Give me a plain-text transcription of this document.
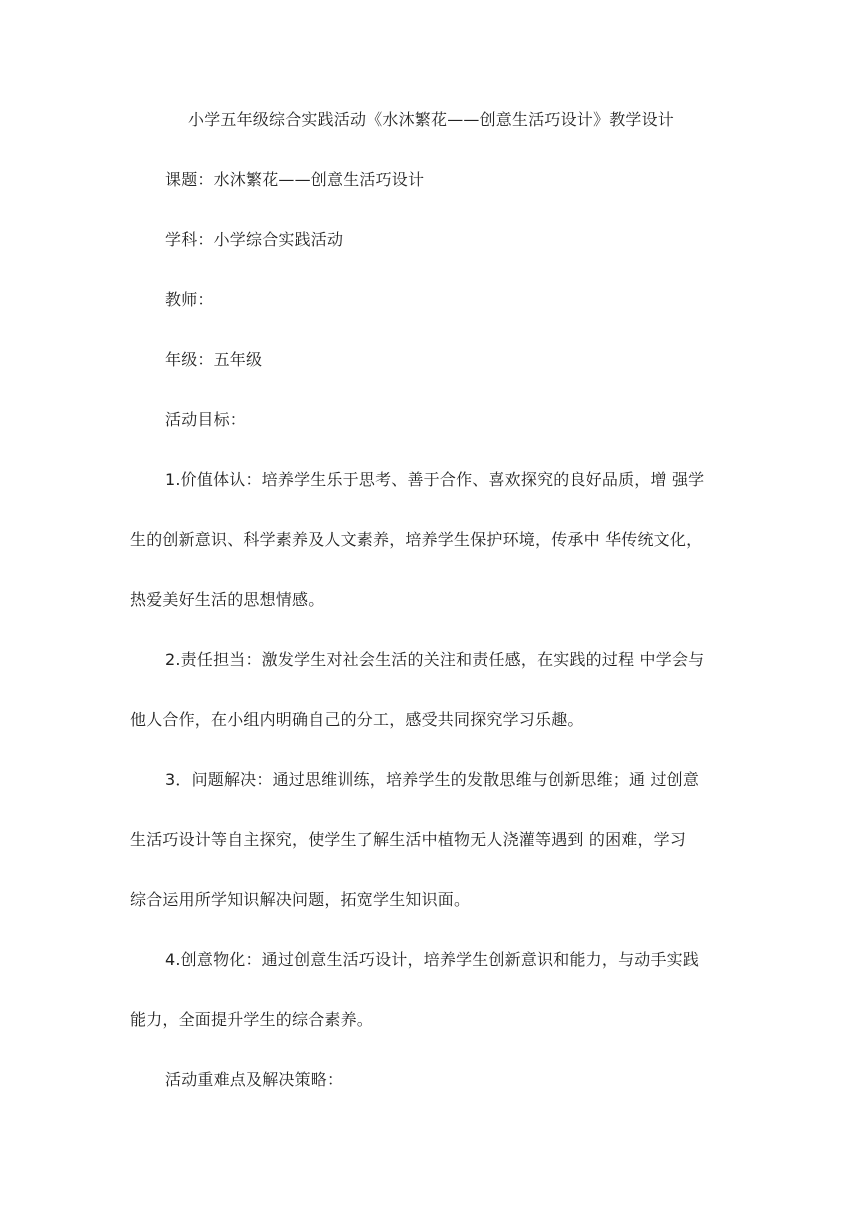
小学五年级综合实践活动《水沐繁花——创意生活巧设计》教学设计
课题：水沐繁花——创意生活巧设计
学科：小学综合实践活动
教师：
年级：五年级
活动目标：
1.价值体认：培养学生乐于思考、善于合作、喜欢探究的良好品质，增 强学
生的创新意识、科学素养及人文素养，培养学生保护环境，传承中 华传统文化，
热爱美好生活的思想情感。
2.责任担当：激发学生对社会生活的关注和责任感，在实践的过程 中学会与
他人合作，在小组内明确自己的分工，感受共同探究学习乐趣。
3．问题解决：通过思维训练，培养学生的发散思维与创新思维；通 过创意
生活巧设计等自主探究，使学生了解生活中植物无人浇灌等遇到 的困难，学习
综合运用所学知识解决问题，拓宽学生知识面。
4.创意物化：通过创意生活巧设计，培养学生创新意识和能力，与动手实践
能力，全面提升学生的综合素养。
活动重难点及解决策略：
